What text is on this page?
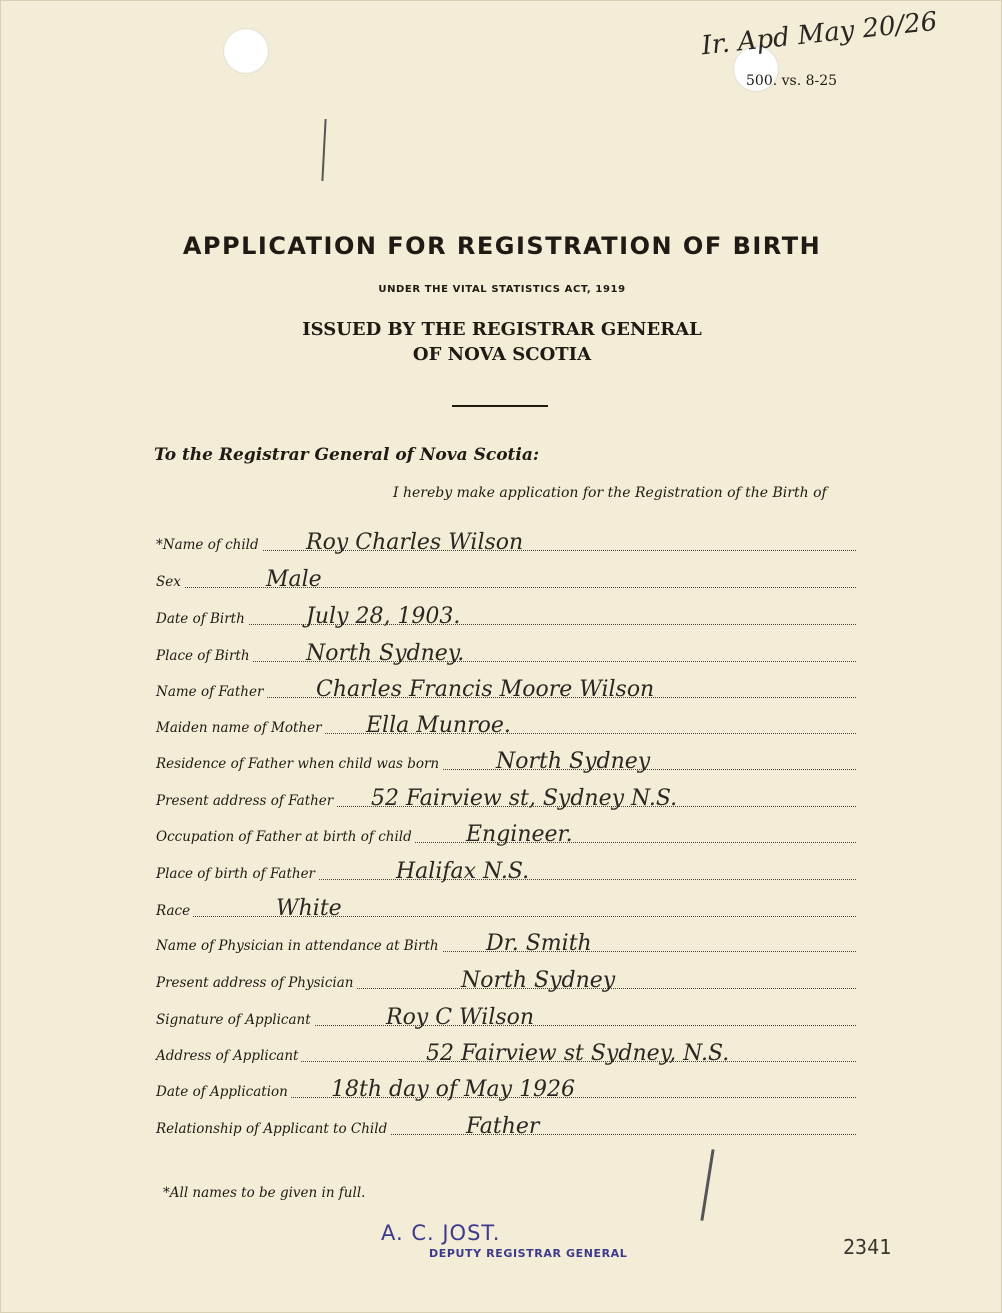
Ir. Apd May 20/26
500. vs. 8-25
APPLICATION FOR REGISTRATION OF BIRTH
UNDER THE VITAL STATISTICS ACT, 1919
ISSUED BY THE REGISTRAR GENERAL
OF NOVA SCOTIA
To the Registrar General of Nova Scotia:
I hereby make application for the Registration of the Birth of
*Name of child Roy Charles Wilson
Sex	Male
Date of Birth	July 28, 1903.
Place of Birth	North Sydney.
Name of Father Charles Francis Moore Wilson
Maiden name of Mother Ella Munroe.
Residence of Father when child was born	North Sydney
Present address of Father 52 Fairview st, Sydney N.S.
Occupation of Father at birth of child Engineer.
Place of birth of Father	Halifax N.S.
Race	White
Name of Physician in attendance at Birth Dr. Smith
Present address of Physician	North Sydney
Signature of Applicant	Roy C Wilson
Address of Applicant	52 Fairview st Sydney, N.S.
Date of Application 18th day of May 1926
Relationship of Applicant to Child	Father
*All names to be given in full.
A. C. JOST.
DEPUTY REGISTRAR GENERAL	2341
